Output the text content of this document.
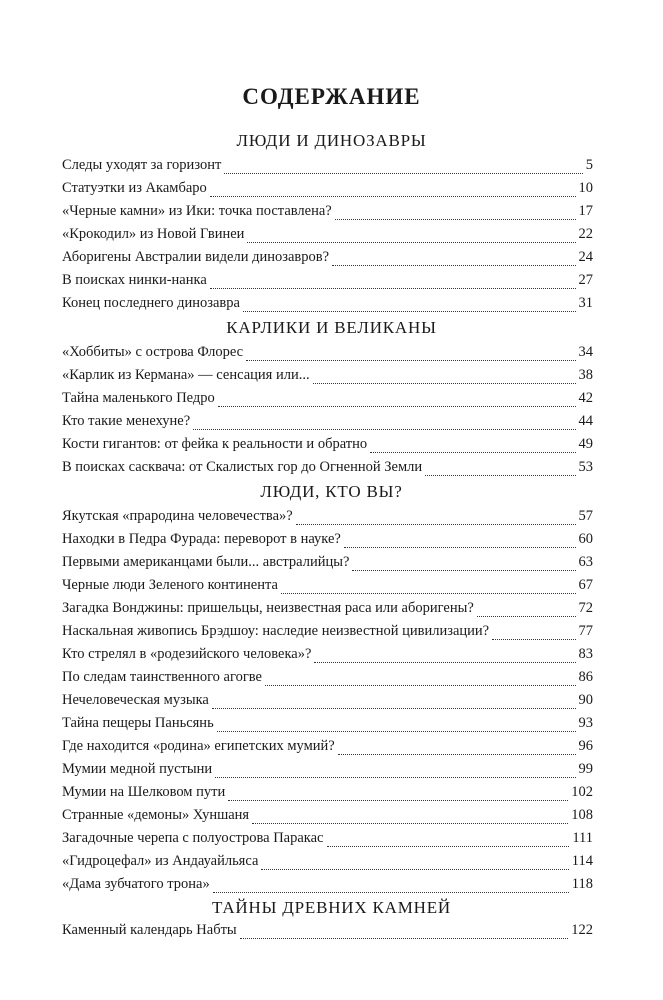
СОДЕРЖАНИЕ
ЛЮДИ И ДИНОЗАВРЫ
Следы уходят за горизонт	5
Статуэтки из Акамбаро	10
«Черные камни» из Ики: точка поставлена?	17
«Крокодил» из Новой Гвинеи	22
Аборигены Австралии видели динозавров?	24
В поисках нинки-нанка	27
Конец последнего динозавра	31
КАРЛИКИ И ВЕЛИКАНЫ
«Хоббиты» с острова Флорес	34
«Карлик из Кермана» — сенсация или...	38
Тайна маленького Педро	42
Кто такие менехуне?	44
Кости гигантов: от фейка к реальности и обратно	49
В поисках сасквача: от Скалистых гор до Огненной Земли	53
ЛЮДИ, КТО ВЫ?
Якутская «прародина человечества»?	57
Находки в Педра Фурада: переворот в науке?	60
Первыми американцами были... австралийцы?	63
Черные люди Зеленого континента	67
Загадка Вонджины: пришельцы, неизвестная раса или аборигены?	72
Наскальная живопись Брэдшоу: наследие неизвестной цивилизации?	77
Кто стрелял в «родезийского человека»?	83
По следам таинственного агогве	86
Нечеловеческая музыка	90
Тайна пещеры Паньсянь	93
Где находится «родина» египетских мумий?	96
Мумии медной пустыни	99
Мумии на Шелковом пути	102
Странные «демоны» Хуншаня	108
Загадочные черепа с полуострова Паракас	111
«Гидроцефал» из Андауайльяса	114
«Дама зубчатого трона»	118
ТАЙНЫ ДРЕВНИХ КАМНЕЙ
Каменный календарь Набты	122
